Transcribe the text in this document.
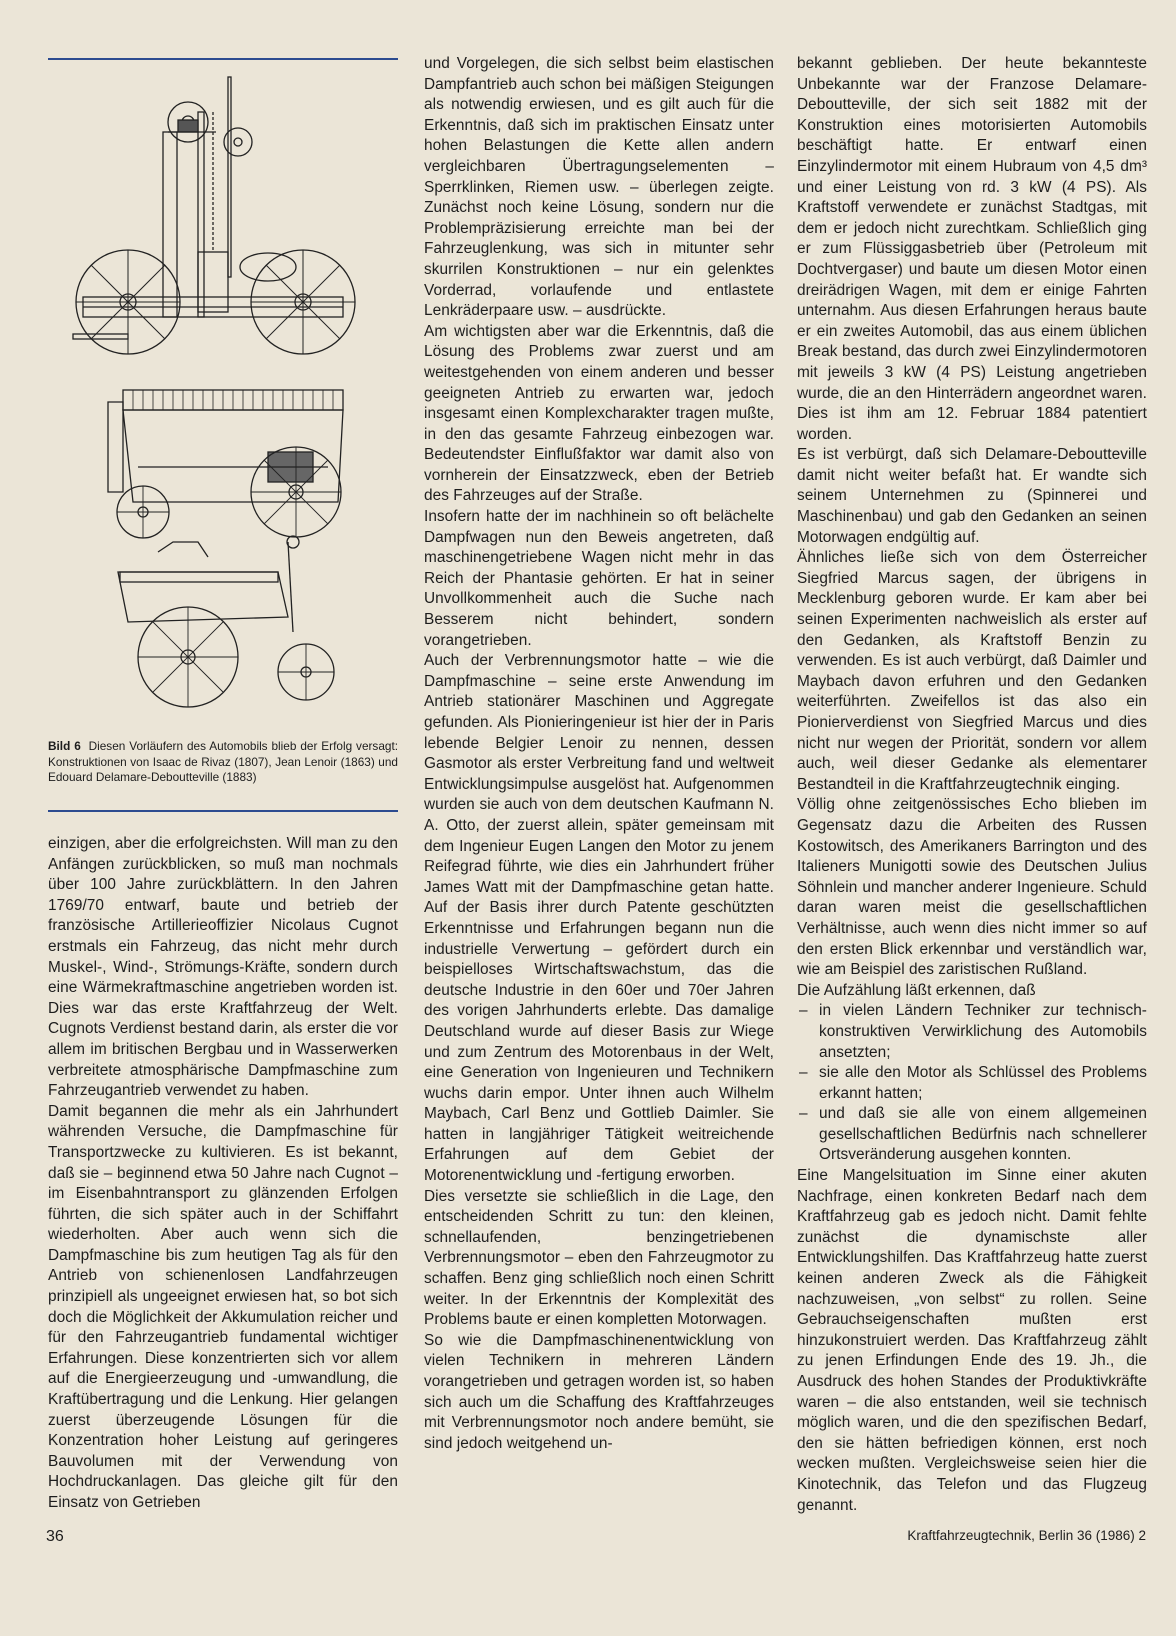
Bild 6 Diesen Vorläufern des Automobils blieb der Erfolg versagt: Konstruktionen von Isaac de Rivaz (1807), Jean Lenoir (1863) und Edouard Delamare-Deboutteville (1883)

einzigen, aber die erfolgreichsten. Will man zu den Anfängen zurückblicken, so muß man nochmals über 100 Jahre zurückblättern. In den Jahren 1769/70 entwarf, baute und betrieb der französische Artillerieoffizier Nicolaus Cugnot erstmals ein Fahrzeug, das nicht mehr durch Muskel-, Wind-, Strömungs-Kräfte, sondern durch eine Wärmekraftmaschine angetrieben worden ist. Dies war das erste Kraftfahrzeug der Welt. Cugnots Verdienst bestand darin, als erster die vor allem im britischen Bergbau und in Wasserwerken verbreitete atmosphärische Dampfmaschine zum Fahrzeugantrieb verwendet zu haben.

Damit begannen die mehr als ein Jahrhundert währenden Versuche, die Dampfmaschine für Transportzwecke zu kultivieren. Es ist bekannt, daß sie – beginnend etwa 50 Jahre nach Cugnot – im Eisenbahntransport zu glänzenden Erfolgen führten, die sich später auch in der Schiffahrt wiederholten. Aber auch wenn sich die Dampfmaschine bis zum heutigen Tag als für den Antrieb von schienenlosen Landfahrzeugen prinzipiell als ungeeignet erwiesen hat, so bot sich doch die Möglichkeit der Akkumulation reicher und für den Fahrzeugantrieb fundamental wichtiger Erfahrungen. Diese konzentrierten sich vor allem auf die Energieerzeugung und -umwandlung, die Kraftübertragung und die Lenkung. Hier gelangen zuerst überzeugende Lösungen für die Konzentration hoher Leistung auf geringeres Bauvolumen mit der Verwendung von Hochdruckanlagen. Das gleiche gilt für den Einsatz von Getrieben

und Vorgelegen, die sich selbst beim elastischen Dampfantrieb auch schon bei mäßigen Steigungen als notwendig erwiesen, und es gilt auch für die Erkenntnis, daß sich im praktischen Einsatz unter hohen Belastungen die Kette allen andern vergleichbaren Übertragungselementen – Sperrklinken, Riemen usw. – überlegen zeigte. Zunächst noch keine Lösung, sondern nur die Problempräzisierung erreichte man bei der Fahrzeuglenkung, was sich in mitunter sehr skurrilen Konstruktionen – nur ein gelenktes Vorderrad, vorlaufende und entlastete Lenkräderpaare usw. – ausdrückte.

Am wichtigsten aber war die Erkenntnis, daß die Lösung des Problems zwar zuerst und am weitestgehenden von einem anderen und besser geeigneten Antrieb zu erwarten war, jedoch insgesamt einen Komplexcharakter tragen mußte, in den das gesamte Fahrzeug einbezogen war. Bedeutendster Einflußfaktor war damit also von vornherein der Einsatzzweck, eben der Betrieb des Fahrzeuges auf der Straße.

Insofern hatte der im nachhinein so oft belächelte Dampfwagen nun den Beweis angetreten, daß maschinengetriebene Wagen nicht mehr in das Reich der Phantasie gehörten. Er hat in seiner Unvollkommenheit auch die Suche nach Besserem nicht behindert, sondern vorangetrieben.

Auch der Verbrennungsmotor hatte – wie die Dampfmaschine – seine erste Anwendung im Antrieb stationärer Maschinen und Aggregate gefunden. Als Pionieringenieur ist hier der in Paris lebende Belgier Lenoir zu nennen, dessen Gasmotor als erster Verbreitung fand und weltweit Entwicklungsimpulse ausgelöst hat. Aufgenommen wurden sie auch von dem deutschen Kaufmann N. A. Otto, der zuerst allein, später gemeinsam mit dem Ingenieur Eugen Langen den Motor zu jenem Reifegrad führte, wie dies ein Jahrhundert früher James Watt mit der Dampfmaschine getan hatte. Auf der Basis ihrer durch Patente geschützten Erkenntnisse und Erfahrungen begann nun die industrielle Verwertung – gefördert durch ein beispielloses Wirtschaftswachstum, das die deutsche Industrie in den 60er und 70er Jahren des vorigen Jahrhunderts erlebte. Das damalige Deutschland wurde auf dieser Basis zur Wiege und zum Zentrum des Motorenbaus in der Welt, eine Generation von Ingenieuren und Technikern wuchs darin empor. Unter ihnen auch Wilhelm Maybach, Carl Benz und Gottlieb Daimler. Sie hatten in langjähriger Tätigkeit weitreichende Erfahrungen auf dem Gebiet der Motorenentwicklung und -fertigung erworben.

Dies versetzte sie schließlich in die Lage, den entscheidenden Schritt zu tun: den kleinen, schnellaufenden, benzingetriebenen Verbrennungsmotor – eben den Fahrzeugmotor zu schaffen. Benz ging schließlich noch einen Schritt weiter. In der Erkenntnis der Komplexität des Problems baute er einen kompletten Motorwagen.

So wie die Dampfmaschinenentwicklung von vielen Technikern in mehreren Ländern vorangetrieben und getragen worden ist, so haben sich auch um die Schaffung des Kraftfahrzeuges mit Verbrennungsmotor noch andere bemüht, sie sind jedoch weitgehend un-

bekannt geblieben. Der heute bekannteste Unbekannte war der Franzose Delamare-Deboutteville, der sich seit 1882 mit der Konstruktion eines motorisierten Automobils beschäftigt hatte. Er entwarf einen Einzylindermotor mit einem Hubraum von 4,5 dm³ und einer Leistung von rd. 3 kW (4 PS). Als Kraftstoff verwendete er zunächst Stadtgas, mit dem er jedoch nicht zurechtkam. Schließlich ging er zum Flüssiggasbetrieb über (Petroleum mit Dochtvergaser) und baute um diesen Motor einen dreirädrigen Wagen, mit dem er einige Fahrten unternahm. Aus diesen Erfahrungen heraus baute er ein zweites Automobil, das aus einem üblichen Break bestand, das durch zwei Einzylindermotoren mit jeweils 3 kW (4 PS) Leistung angetrieben wurde, die an den Hinterrädern angeordnet waren. Dies ist ihm am 12. Februar 1884 patentiert worden.

Es ist verbürgt, daß sich Delamare-Deboutteville damit nicht weiter befaßt hat. Er wandte sich seinem Unternehmen zu (Spinnerei und Maschinenbau) und gab den Gedanken an seinen Motorwagen endgültig auf.

Ähnliches ließe sich von dem Österreicher Siegfried Marcus sagen, der übrigens in Mecklenburg geboren wurde. Er kam aber bei seinen Experimenten nachweislich als erster auf den Gedanken, als Kraftstoff Benzin zu verwenden. Es ist auch verbürgt, daß Daimler und Maybach davon erfuhren und den Gedanken weiterführten. Zweifellos ist das also ein Pionierverdienst von Siegfried Marcus und dies nicht nur wegen der Priorität, sondern vor allem auch, weil dieser Gedanke als elementarer Bestandteil in die Kraftfahrzeugtechnik einging.

Völlig ohne zeitgenössisches Echo blieben im Gegensatz dazu die Arbeiten des Russen Kostowitsch, des Amerikaners Barrington und des Italieners Munigotti sowie des Deutschen Julius Söhnlein und mancher anderer Ingenieure. Schuld daran waren meist die gesellschaftlichen Verhältnisse, auch wenn dies nicht immer so auf den ersten Blick erkennbar und verständlich war, wie am Beispiel des zaristischen Rußland.

Die Aufzählung läßt erkennen, daß

– in vielen Ländern Techniker zur technisch-konstruktiven Verwirklichung des Automobils ansetzten;
– sie alle den Motor als Schlüssel des Problems erkannt hatten;
– und daß sie alle von einem allgemeinen gesellschaftlichen Bedürfnis nach schnellerer Ortsveränderung ausgehen konnten.

Eine Mangelsituation im Sinne einer akuten Nachfrage, einen konkreten Bedarf nach dem Kraftfahrzeug gab es jedoch nicht. Damit fehlte zunächst die dynamischste aller Entwicklungshilfen. Das Kraftfahrzeug hatte zuerst keinen anderen Zweck als die Fähigkeit nachzuweisen, „von selbst“ zu rollen. Seine Gebrauchseigenschaften mußten erst hinzukonstruiert werden. Das Kraftfahrzeug zählt zu jenen Erfindungen Ende des 19. Jh., die Ausdruck des hohen Standes der Produktivkräfte waren – die also entstanden, weil sie technisch möglich waren, und die den spezifischen Bedarf, den sie hätten befriedigen können, erst noch wecken mußten. Vergleichsweise seien hier die Kinotechnik, das Telefon und das Flugzeug genannt.

36	Kraftfahrzeugtechnik, Berlin 36 (1986) 2
